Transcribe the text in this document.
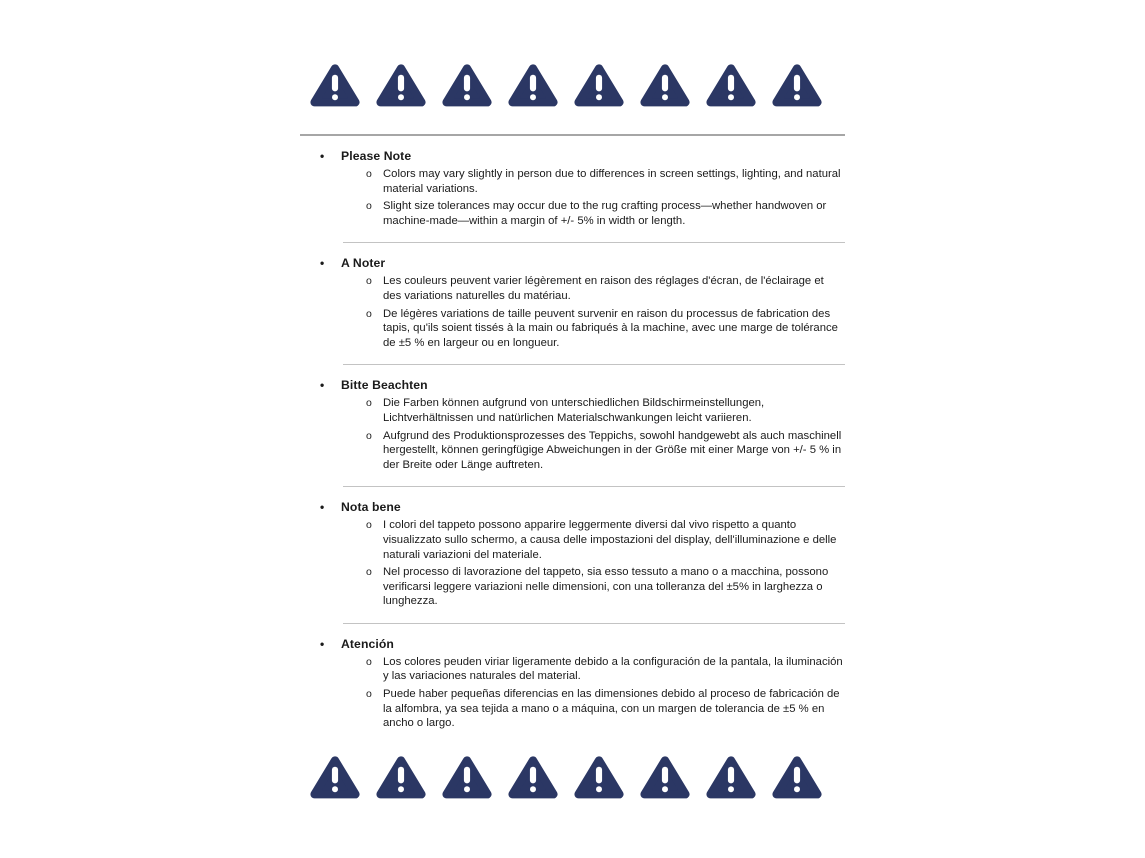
•	Please Note
o Colors may vary slightly in person due to differences in screen settings, lighting, and natural material variations.

o Slight size tolerances may occur due to the rug crafting process—whether handwoven or machine-made—within a margin of +/- 5% in width or length.

•	A Noter
o Les couleurs peuvent varier légèrement en raison des réglages d'écran, de l'éclairage et des variations naturelles du matériau.

o De légères variations de taille peuvent survenir en raison du processus de fabrication des tapis, qu'ils soient tissés à la main ou fabriqués à la machine, avec une marge de tolérance de ±5 % en largeur ou en longueur.

•	Bitte Beachten
o Die Farben können aufgrund von unterschiedlichen Bildschirmeinstellungen, Lichtverhältnissen und natürlichen Materialschwankungen leicht variieren.

o Aufgrund des Produktionsprozesses des Teppichs, sowohl handgewebt als auch maschinell hergestellt, können geringfügige Abweichungen in der Größe mit einer Marge von +/- 5 % in der Breite oder Länge auftreten.

•	Nota bene
o I colori del tappeto possono apparire leggermente diversi dal vivo rispetto a quanto visualizzato sullo schermo, a causa delle impostazioni del display, dell'illuminazione e delle naturali variazioni del materiale.

o Nel processo di lavorazione del tappeto, sia esso tessuto a mano o a macchina, possono verificarsi leggere variazioni nelle dimensioni, con una tolleranza del ±5% in larghezza o lunghezza.

•	Atención
o Los colores peuden viriar ligeramente debido a la configuración de la pantala, la iluminación y las variaciones naturales del material.

o Puede haber pequeñas diferencias en las dimensiones debido al proceso de fabricación de la alfombra, ya sea tejida a mano o a máquina, con un margen de tolerancia de ±5 % en ancho o largo.
